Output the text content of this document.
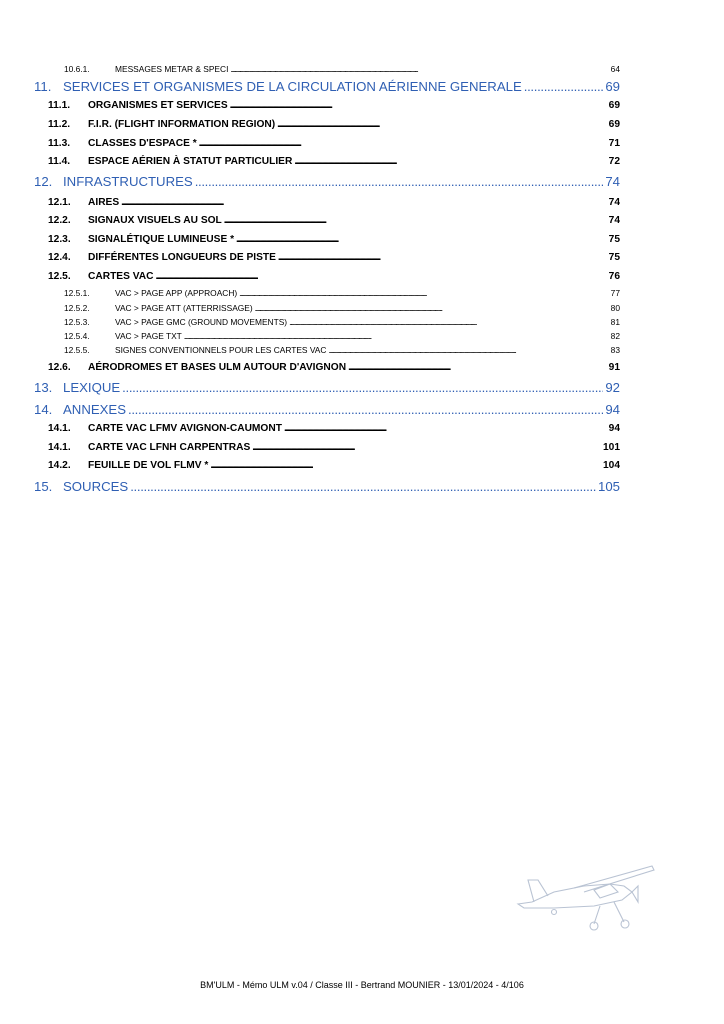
10.6.1.	MESSAGES METAR & SPECI . . .	64
11. SERVICES ET ORGANISMES DE LA CIRCULATION AÉRIENNE GENERALE . . .	69
11.1.	ORGANISMES ET SERVICES . . .	69
11.2.	F.I.R. (FLIGHT INFORMATION REGION) . . .	69
11.3.	CLASSES D'ESPACE * . . .	71
11.4.	ESPACE AÉRIEN À STATUT PARTICULIER . . .	72
12. INFRASTRUCTURES . . .	74
12.1.	AIRES . . .	74
12.2.	SIGNAUX VISUELS AU SOL . . .	74
12.3.	SIGNALÉTIQUE LUMINEUSE * . . .	75
12.4.	DIFFÉRENTES LONGUEURS DE PISTE . . .	75
12.5.	CARTES VAC . . .	76
12.5.1.	VAC > PAGE APP (APPROACH) . . .	77
12.5.2.	VAC > PAGE ATT (ATTERRISSAGE) . . .	80
12.5.3.	VAC > PAGE GMC (GROUND MOVEMENTS) . . .	81
12.5.4.	VAC > PAGE TXT . . .	82
12.5.5.	SIGNES CONVENTIONNELS POUR LES CARTES VAC . . .	83
12.6.	AÉRODROMES ET BASES ULM AUTOUR D'AVIGNON . . .	91
13. LEXIQUE . . .	92
14. ANNEXES . . .	94
14.1.	CARTE VAC LFMV AVIGNON-CAUMONT . . .	94
14.1.	CARTE VAC LFNH CARPENTRAS . . .	101
14.2.	FEUILLE DE VOL FLMV * . . .	104
15. SOURCES . . .	105
BM'ULM - Mémo ULM v.04 / Classe III - Bertrand MOUNIER - 13/01/2024 - 4/106
